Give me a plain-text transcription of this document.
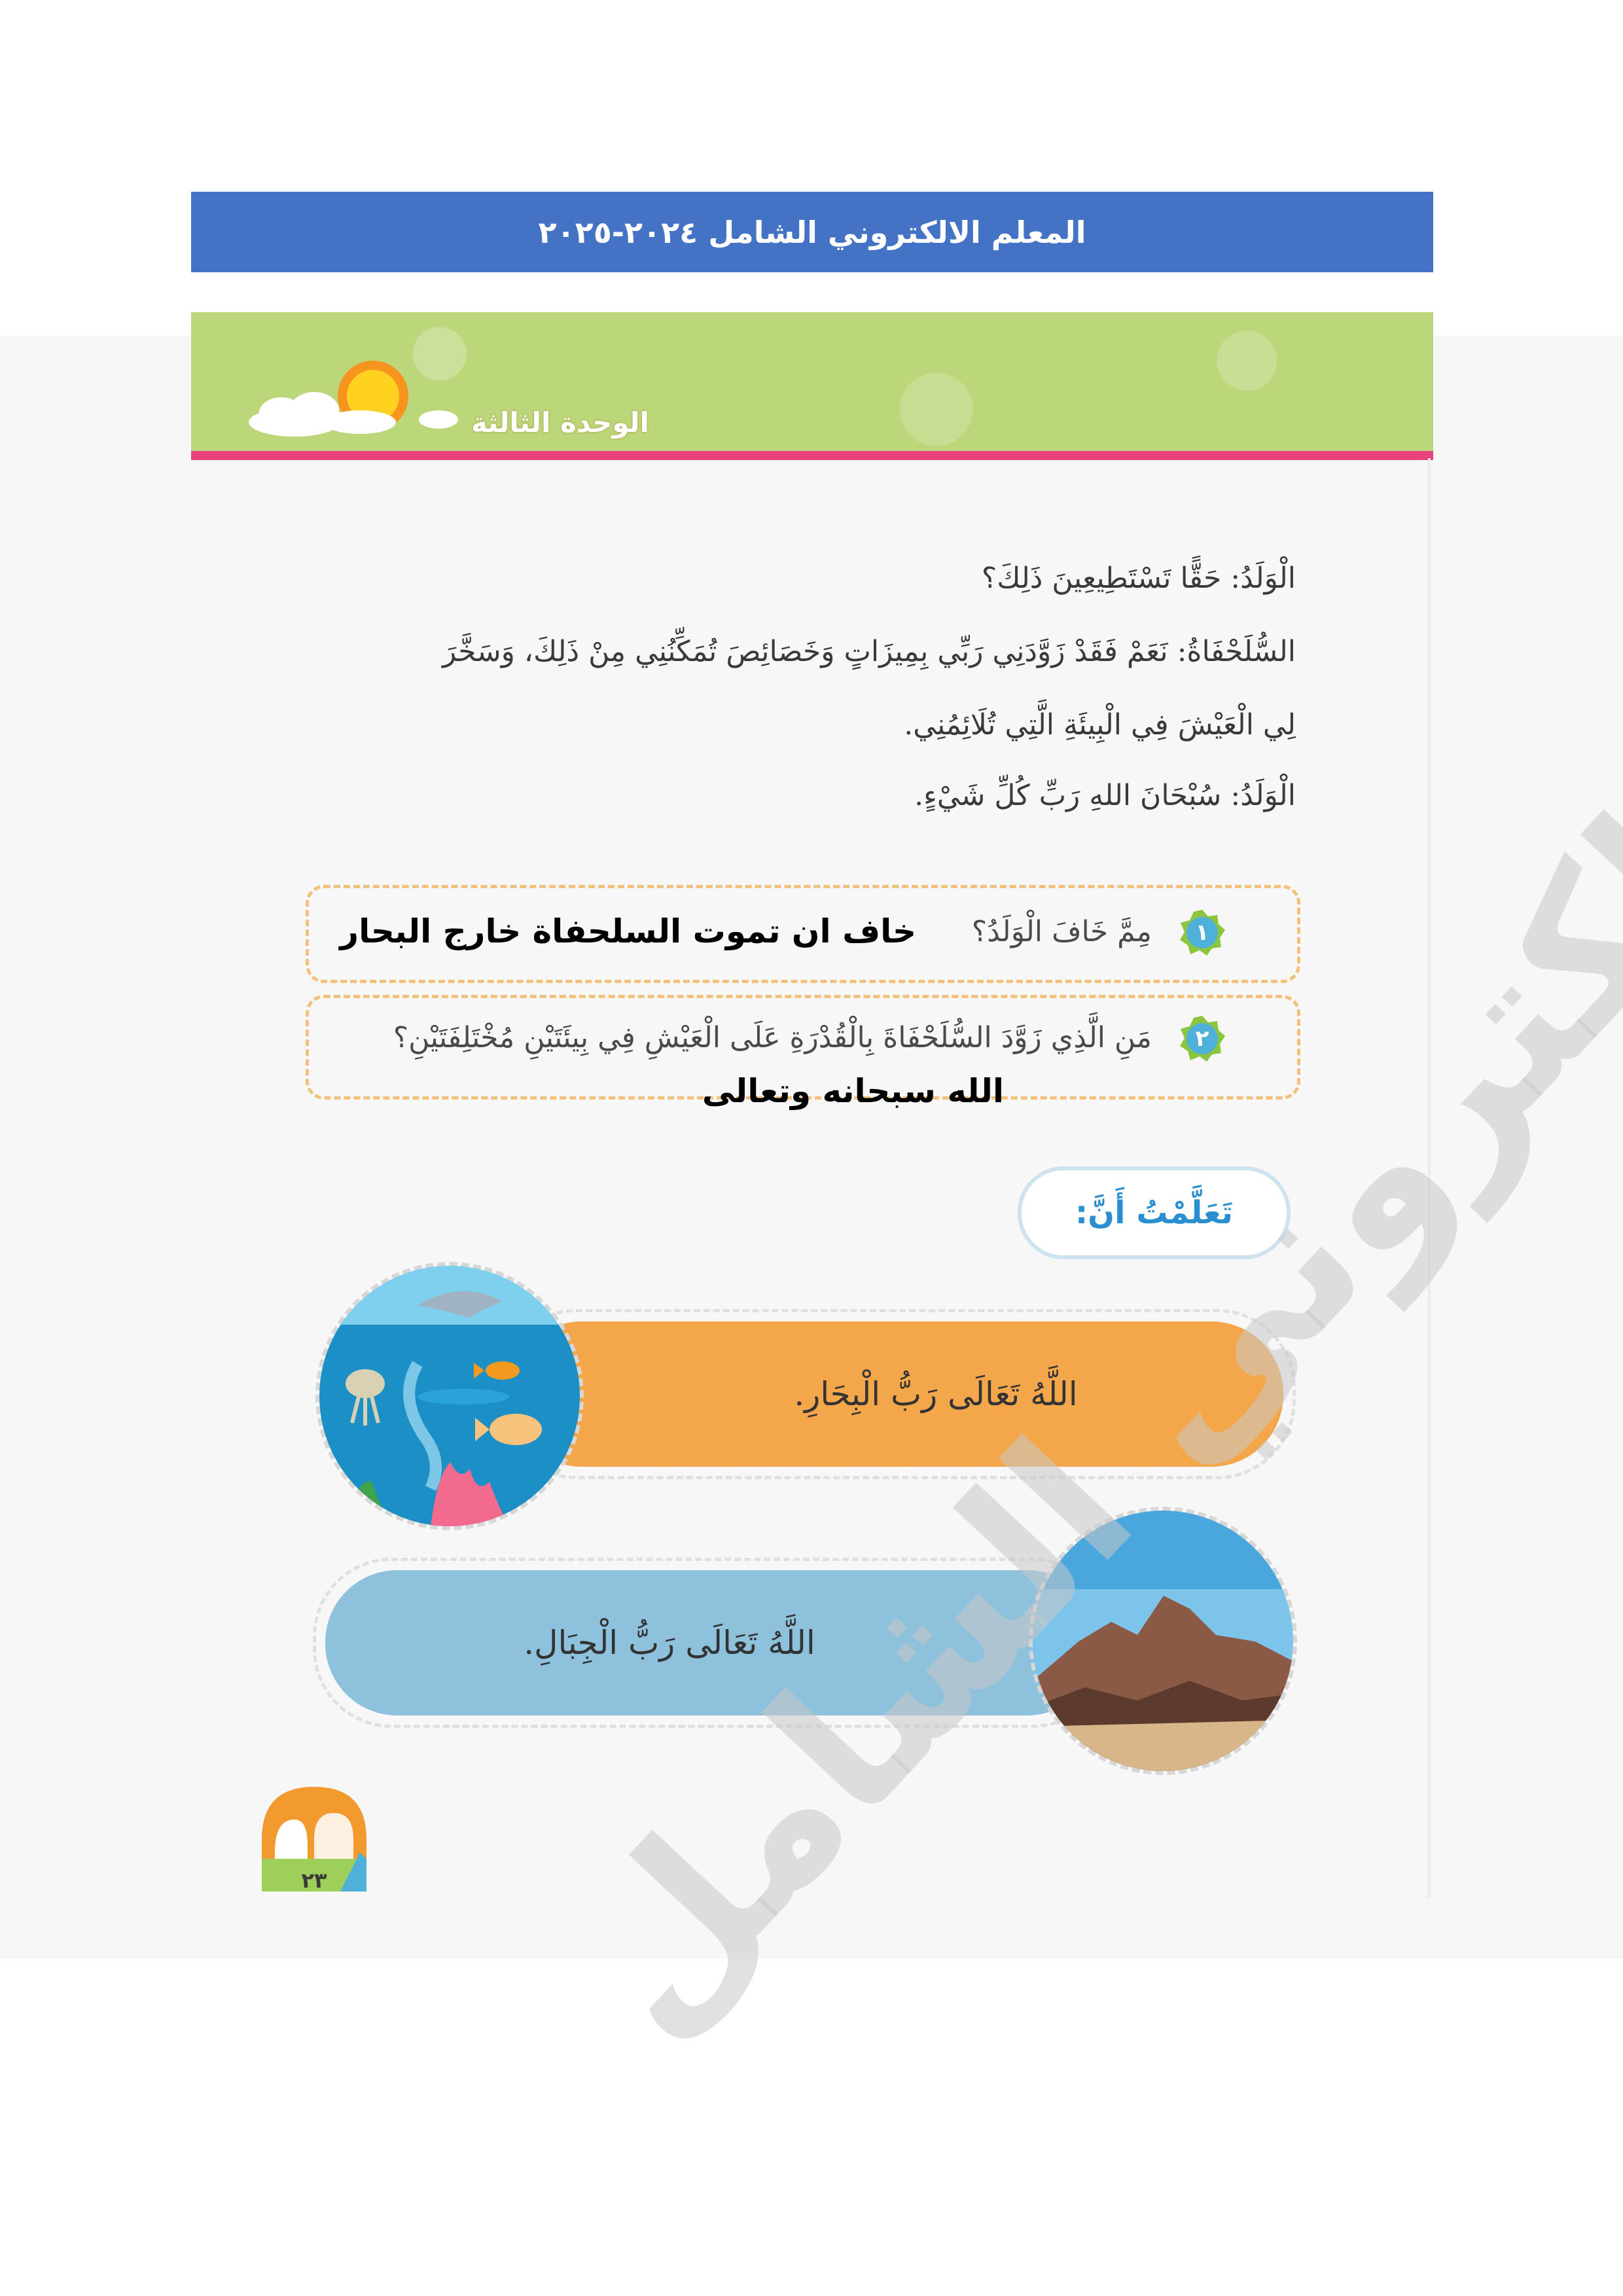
المعلم الالكتروني الشامل ٢٠٢٤-٢٠٢٥
الوحدة الثالثة
الْوَلَدُ: حَقًّا تَسْتَطِيعِينَ ذَلِكَ؟
السُّلَحْفَاةُ: نَعَمْ فَقَدْ زَوَّدَنِي رَبِّي بِمِيزَاتٍ وَخَصَائِصَ تُمَكِّنُنِي مِنْ ذَلِكَ، وَسَخَّرَ
لِي الْعَيْشَ فِي الْبِيئَةِ الَّتِي تُلَائِمُنِي.
الْوَلَدُ: سُبْحَانَ اللهِ رَبِّ كُلِّ شَيْءٍ.
١
مِمَّ خَافَ الْوَلَدُ؟
خاف ان تموت السلحفاة خارج البحار
٢
مَنِ الَّذِي زَوَّدَ السُّلَحْفَاةَ بِالْقُدْرَةِ عَلَى الْعَيْشِ فِي بِيئَتَيْنِ مُخْتَلِفَتَيْنِ؟
الله سبحانه وتعالى
تَعَلَّمْتُ أَنَّ:
اللَّهُ تَعَالَى رَبُّ الْبِحَارِ.
اللَّهُ تَعَالَى رَبُّ الْجِبَالِ.
الالكتروني الشامل
٢٣
